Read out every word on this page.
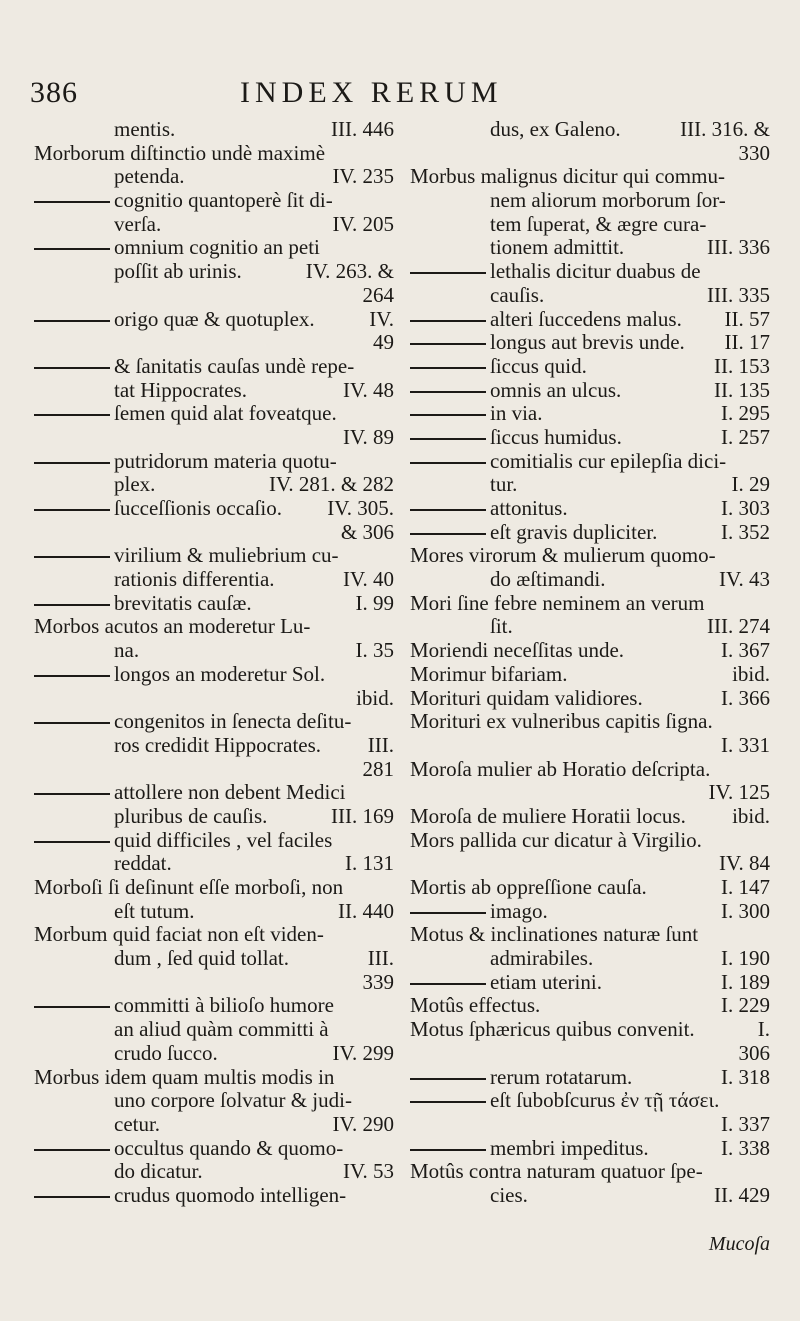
386	INDEX RERUM
mentis.	III. 446
Morborum diſtinctio undè maximè
petenda.	IV. 235
cognitio quantoperè ſit di-
verſa.	IV. 205
omnium cognitio an peti
poſſit ab urinis.	IV. 263. &
264
origo quæ & quotuplex.	IV.
49
& ſanitatis cauſas undè repe-
tat Hippocrates.	IV. 48
ſemen quid alat foveatque.
IV. 89
putridorum materia quotu-
plex.	IV. 281. & 282
ſucceſſionis occaſio. IV. 305.
& 306
virilium & muliebrium cu-
rationis differentia.	IV. 40
brevitatis cauſæ.	I. 99
Morbos acutos an moderetur Lu-
na.	I. 35
longos an moderetur Sol.
ibid.
congenitos in ſenecta deſitu-
ros credidit Hippocrates. III.
281
attollere non debent Medici
pluribus de cauſis.	III. 169
quid difficiles , vel faciles
reddat.	I. 131
Morboſi ſi deſinunt eſſe morboſi, non
eſt tutum.	II. 440
Morbum quid faciat non eſt viden-
dum , ſed quid tollat.	III.
339
committi à bilioſo humore
an aliud quàm committi à
crudo ſucco.	IV. 299
Morbus idem quam multis modis in
uno corpore ſolvatur & judi-
cetur.	IV. 290
occultus quando & quomo-
do dicatur.	IV. 53
crudus quomodo intelligen-
dus, ex Galeno.	III. 316. &
330
Morbus malignus dicitur qui commu-
nem aliorum morborum ſor-
tem ſuperat, & ægre cura-
tionem admittit.	III. 336
lethalis dicitur duabus de
cauſis.	III. 335
alteri ſuccedens malus. II. 57
longus aut brevis unde. II. 17
ſiccus quid.	II. 153
omnis an ulcus.	II. 135
in via.	I. 295
ſiccus humidus.	I. 257
comitialis cur epilepſia dici-
tur.	I. 29
attonitus.	I. 303
eſt gravis dupliciter.	I. 352
Mores virorum & mulierum quomo-
do æſtimandi.	IV. 43
Mori ſine febre neminem an verum
ſit.	III. 274
Moriendi neceſſitas unde.	I. 367
Morimur bifariam.	ibid.
Morituri quidam validiores.	I. 366
Morituri ex vulneribus capitis ſigna.
I. 331
Moroſa mulier ab Horatio deſcripta.
IV. 125
Moroſa de muliere Horatii locus. ibid.
Mors pallida cur dicatur à Virgilio.
IV. 84
Mortis ab oppreſſione cauſa.	I. 147
imago.	I. 300
Motus & inclinationes naturæ ſunt
admirabiles.	I. 190
etiam uterini.	I. 189
Motûs effectus.	I. 229
Motus ſphæricus quibus convenit.	I.
306
rerum rotatarum.	I. 318
eſt ſubobſcurus ἐν τῇ τάσει.
I. 337
membri impeditus.	I. 338
Motûs contra naturam quatuor ſpe-
cies.	II. 429
Mucoſa
